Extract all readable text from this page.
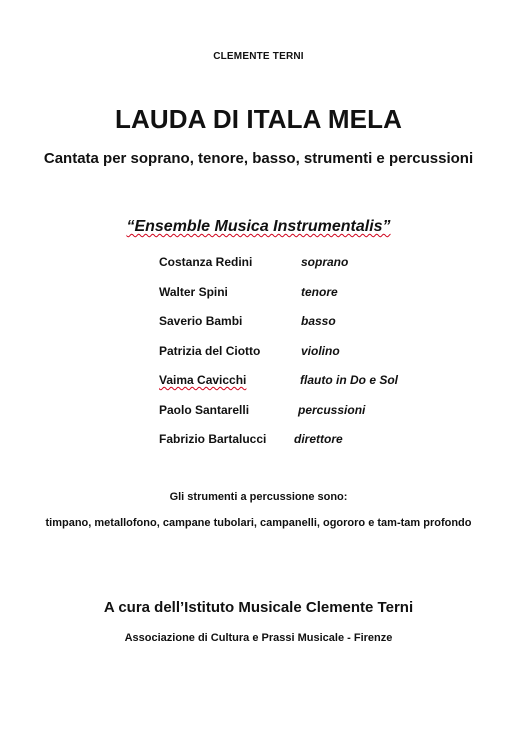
CLEMENTE TERNI
LAUDA DI ITALA MELA
Cantata per soprano, tenore, basso, strumenti e percussioni
“Ensemble Musica Instrumentalis”
Costanza Redini	soprano
Walter Spini	tenore
Saverio Bambi	basso
Patrizia del Ciotto	violino
Vaima Cavicchi	flauto in Do e Sol
Paolo Santarelli	percussioni
Fabrizio Bartalucci direttore
Gli strumenti a percussione sono:
timpano, metallofono, campane tubolari, campanelli, ogororo e tam-tam profondo
A cura dell’Istituto Musicale Clemente Terni
Associazione di Cultura e Prassi Musicale - Firenze
